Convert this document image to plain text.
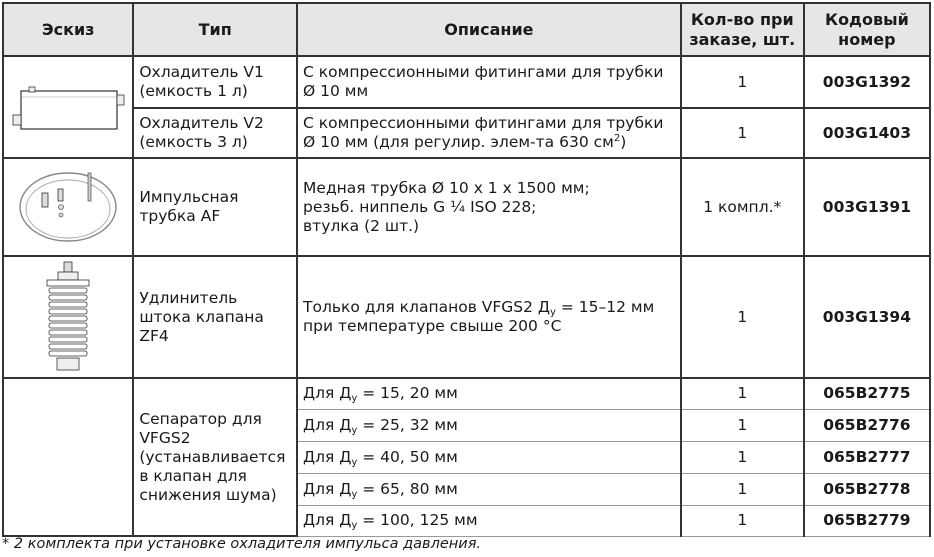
Эскиз	Тип	Описание	Кол-во при заказе, шт.	Кодовый номер

	Охладитель V1 (емкость 1 л)	С компрессионными фитингами для трубки Ø 10 мм	1	003G1392
	Охладитель V2 (емкость 3 л)	С компрессионными фитингами для трубки Ø 10 мм (для регулир. элем-та 630 $см^2$)	1	003G1403

	Импульсная трубка AF	Медная трубка Ø 10 х 1 х 1500 мм;
резьб. ниппель G ¼ ISO 228;
втулка (2 шт.)	1 компл.*	003G1391

	Удлинитель штока клапана ZF4	Только для клапанов VFGS2 $Д_у = 15-12$ мм
при температуре свыше 200 °С	1	003G1394
	Сепаратор для VFGS2 (устанавливается в клапан для снижения шума)	Для $Д_у = 15$, 20 мм	1	065B2775
		Для $Д_у = 25$, 32 мм	1	065B2776
		Для $Д_у = 40$, 50 мм	1	065B2777
		Для $Д_у = 65$, 80 мм	1	065B2778
		Для $Д_у = 100$, 125 мм	1	065B2779
* 2 комплекта при установке охладителя импульса давления.
